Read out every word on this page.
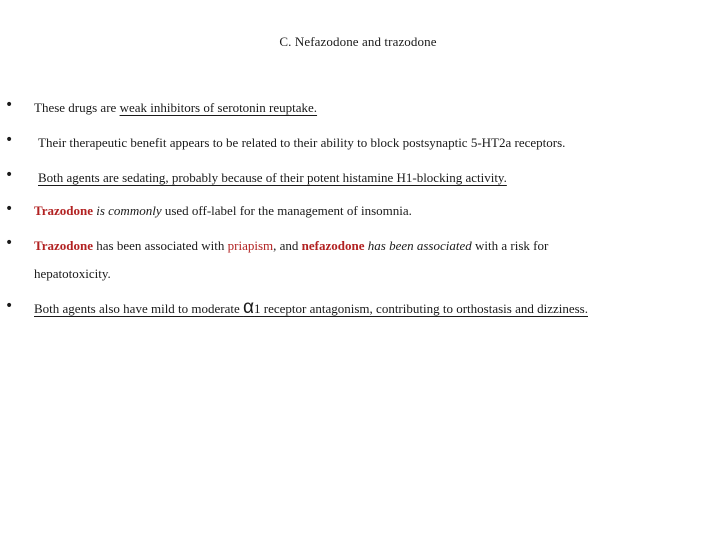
C. Nefazodone and trazodone
• These drugs are weak inhibitors of serotonin reuptake.
• Their therapeutic benefit appears to be related to their ability to block postsynaptic 5-HT2a receptors.
• Both agents are sedating, probably because of their potent histamine H1-blocking activity.
• Trazodone is commonly used off-label for the management of insomnia.
• Trazodone has been associated with priapism, and nefazodone has been associated with a risk for
hepatotoxicity.
• Both agents also have mild to moderate α1 receptor antagonism, contributing to orthostasis and dizziness.
